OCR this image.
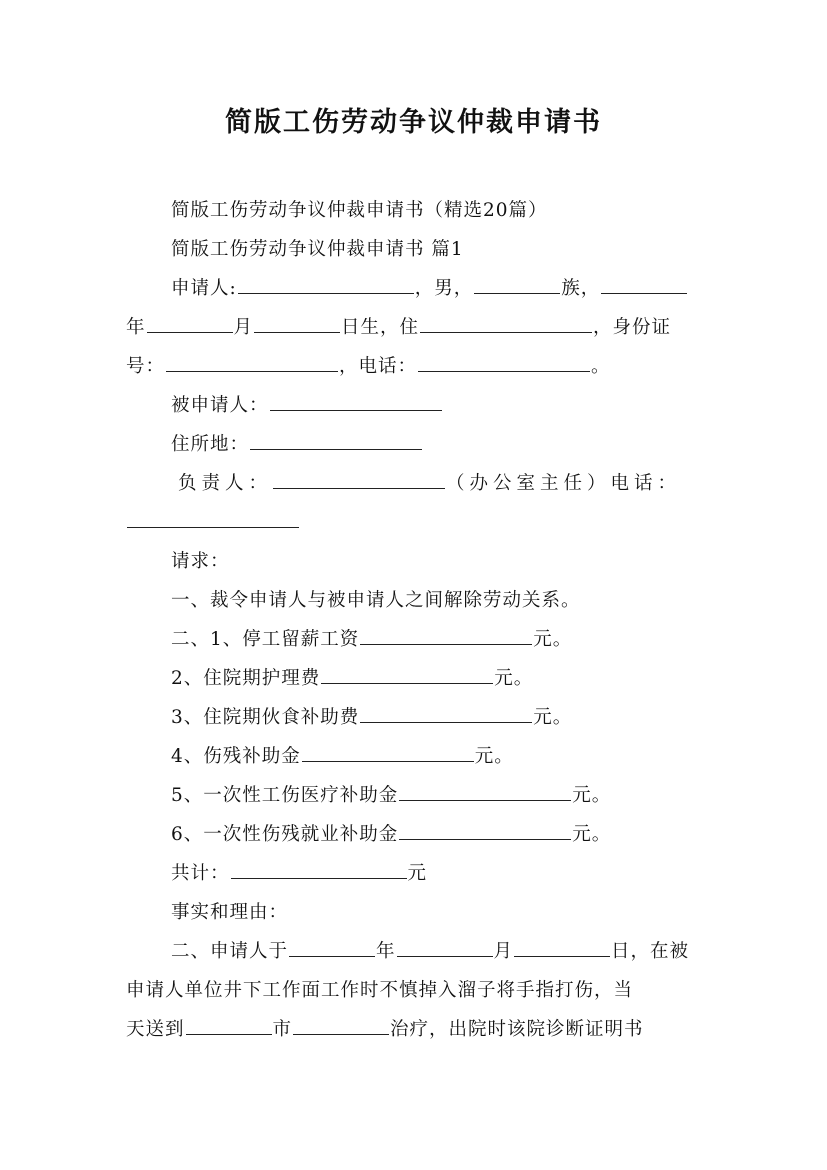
简版工伤劳动争议仲裁申请书
简版工伤劳动争议仲裁申请书（精选20篇）
简版工伤劳动争议仲裁申请书 篇1
申请人:	，男，	族，
年	月	日生，住	，身份证
号：	，电话：	。
被申请人：
住所地：
负责人：	（办公室主任）电话：
请求：
一、裁令申请人与被申请人之间解除劳动关系。
二、1、停工留薪工资	元。
2、住院期护理费	元。
3、住院期伙食补助费	元。
4、伤残补助金	元。
5、一次性工伤医疗补助金	元。
6、一次性伤残就业补助金	元。
共计：	元
事实和理由：
二、申请人于	年	月	日，在被
申请人单位井下工作面工作时不慎掉入溜子将手指打伤，当
天送到	市	治疗，出院时该院诊断证明书
